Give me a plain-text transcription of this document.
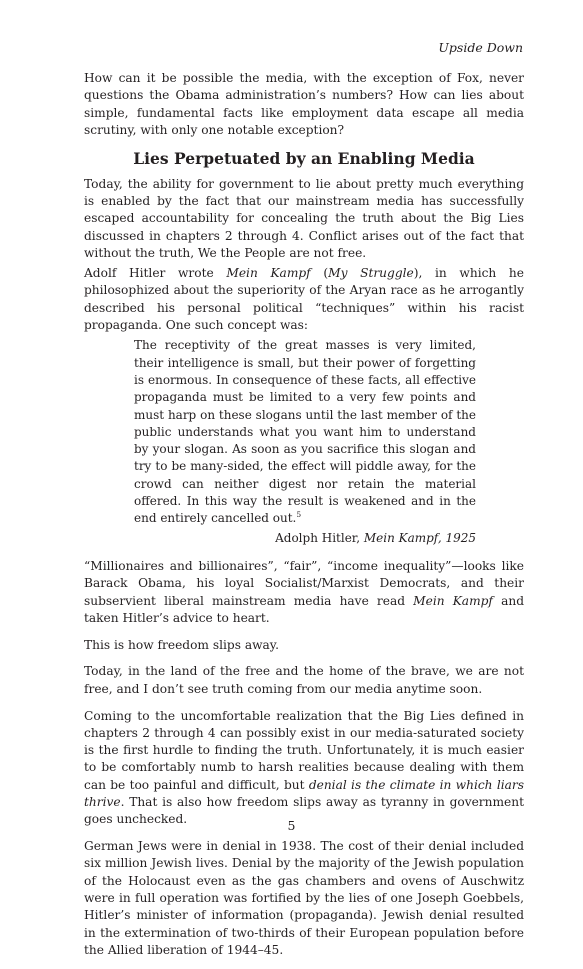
Upside Down

How can it be possible the media, with the exception of Fox, never questions the Obama administration’s numbers? How can lies about simple, fundamental facts like employment data escape all media scrutiny, with only one notable exception?

Lies Perpetuated by an Enabling Media

Today, the ability for government to lie about pretty much everything is enabled by the fact that our mainstream media has successfully escaped accountability for concealing the truth about the Big Lies discussed in chapters 2 through 4. Conflict arises out of the fact that without the truth, We the People are not free.

Adolf Hitler wrote Mein Kampf (My Struggle), in which he philosophized about the superiority of the Aryan race as he arrogantly described his personal political “techniques” within his racist propaganda. One such concept was:

The receptivity of the great masses is very limited, their intelligence is small, but their power of forgetting is enormous. In consequence of these facts, all effective propaganda must be limited to a very few points and must harp on these slogans until the last member of the public understands what you want him to understand by your slogan. As soon as you sacrifice this slogan and try to be many-sided, the effect will piddle away, for the crowd can neither digest nor retain the material offered. In this way the result is weakened and in the end entirely cancelled out.$^5$

Adolph Hitler, Mein Kampf, 1925

“Millionaires and billionaires”, “fair”, “income inequality”—looks like Barack Obama, his loyal Socialist/Marxist Democrats, and their subservient liberal mainstream media have read Mein Kampf and taken Hitler’s advice to heart.

This is how freedom slips away.

Today, in the land of the free and the home of the brave, we are not free, and I don’t see truth coming from our media anytime soon.

Coming to the uncomfortable realization that the Big Lies defined in chapters 2 through 4 can possibly exist in our media-saturated society is the first hurdle to finding the truth. Unfortunately, it is much easier to be comfortably numb to harsh realities because dealing with them can be too painful and difficult, but denial is the climate in which liars thrive. That is also how freedom slips away as tyranny in government goes unchecked.

German Jews were in denial in 1938. The cost of their denial included six million Jewish lives. Denial by the majority of the Jewish population of the Holocaust even as the gas chambers and ovens of Auschwitz were in full operation was fortified by the lies of one Joseph Goebbels, Hitler’s minister of information (propaganda). Jewish denial resulted in the extermination of two-thirds of their European population before the Allied liberation of 1944–45.

5
